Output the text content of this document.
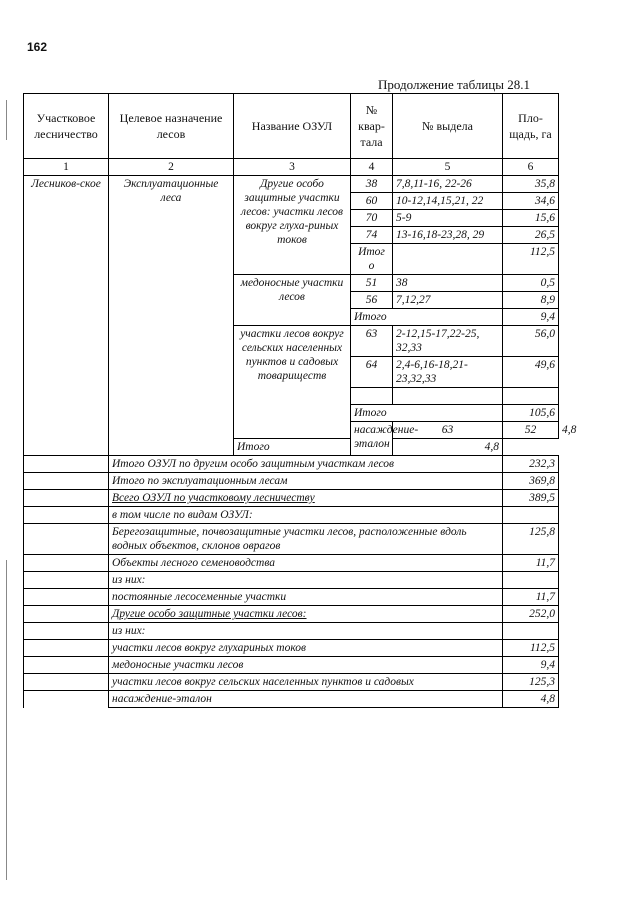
162
Продолжение таблицы 28.1
Участковое лесничество	Целевое назначение лесов	Название ОЗУЛ	№ квар-тала	№ выдела	Пло-щадь, га	
1	2	3	4	5	6	
Лесников-ское	Эксплуатационные леса	Другие особо защитные участки лесов: участки лесов вокруг глуха-риных токов	38	7,8,11-16, 22-26	35,8	
			60	10-12,14,15,21, 22	34,6	
			70	5-9	15,6	
			74	13-16,18-23,28, 29	26,5	
			Итог о		112,5	
		медоносные участки лесов	51	38	0,5	
			56	7,12,27	8,9	
			Итого		9,4	
		участки лесов вокруг сельских населенных пунктов и садовых товариществ	63	2-12,15-17,22-25, 32,33	56,0	
			64	2,4-6,16-18,21-23,32,33	49,6	

			Итого		105,6	
			насаждение-эталон	63	52	4,8
		Итого		4,8		
	Итого ОЗУЛ по другим особо защитным участкам лесов				232,3	
	Итого по эксплуатационным лесам				369,8	
	Всего ОЗУЛ по участковому лесничеству				389,5	
	в том числе по видам ОЗУЛ:					
	Берегозащитные, почвозащитные участки лесов, расположенные вдоль водных объектов, склонов оврагов				125,8	
	Объекты лесного семеноводства				11,7	
	из них:					
	постоянные лесосеменные участки				11,7	
	Другие особо защитные участки лесов:				252,0	
	из них:					
	участки лесов вокруг глухариных токов				112,5	
	медоносные участки лесов				9,4	
	участки лесов вокруг сельских населенных пунктов и садовых				125,3	
	насаждение-эталон				4,8	
